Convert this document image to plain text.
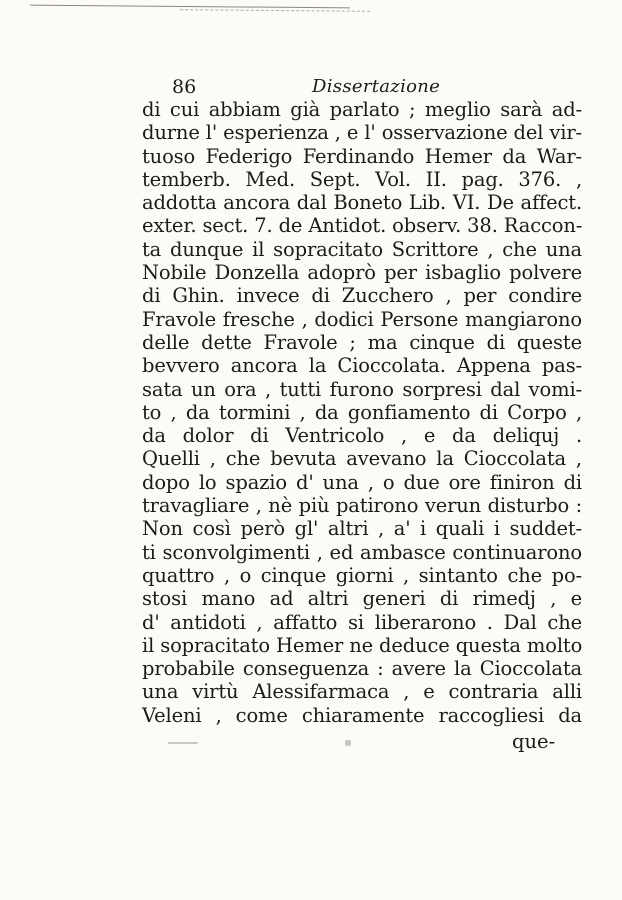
86	Dissertazione
di cui abbiam già parlato ; meglio sarà ad-
durne l' esperienza , e l' osservazione del vir-
tuoso Federigo Ferdinando Hemer da War-
temberb. Med. Sept. Vol. II. pag. 376. ,
addotta ancora dal Boneto Lib. VI. De affect.
exter. sect. 7. de Antidot. observ. 38. Raccon-
ta dunque il sopracitato Scrittore , che una
Nobile Donzella adoprò per isbaglio polvere
di Ghin. invece di Zucchero , per condire
Fravole fresche , dodici Persone mangiarono
delle dette Fravole ; ma cinque di queste
bevvero ancora la Cioccolata. Appena pas-
sata un ora , tutti furono sorpresi dal vomi-
to , da tormini , da gonfiamento di Corpo ,
da dolor di Ventricolo , e da deliquj .
Quelli , che bevuta avevano la Cioccolata ,
dopo lo spazio d' una , o due ore finiron di
travagliare , nè più patirono verun disturbo :
Non così però gl' altri , a' i quali i suddet-
ti sconvolgimenti , ed ambasce continuarono
quattro , o cinque giorni , sintanto che po-
stosi mano ad altri generi di rimedj , e
d' antidoti , affatto si liberarono . Dal che
il sopracitato Hemer ne deduce questa molto
probabile conseguenza : avere la Cioccolata
una virtù Alessifarmaca , e contraria alli
Veleni , come chiaramente raccogliesi da
que-
